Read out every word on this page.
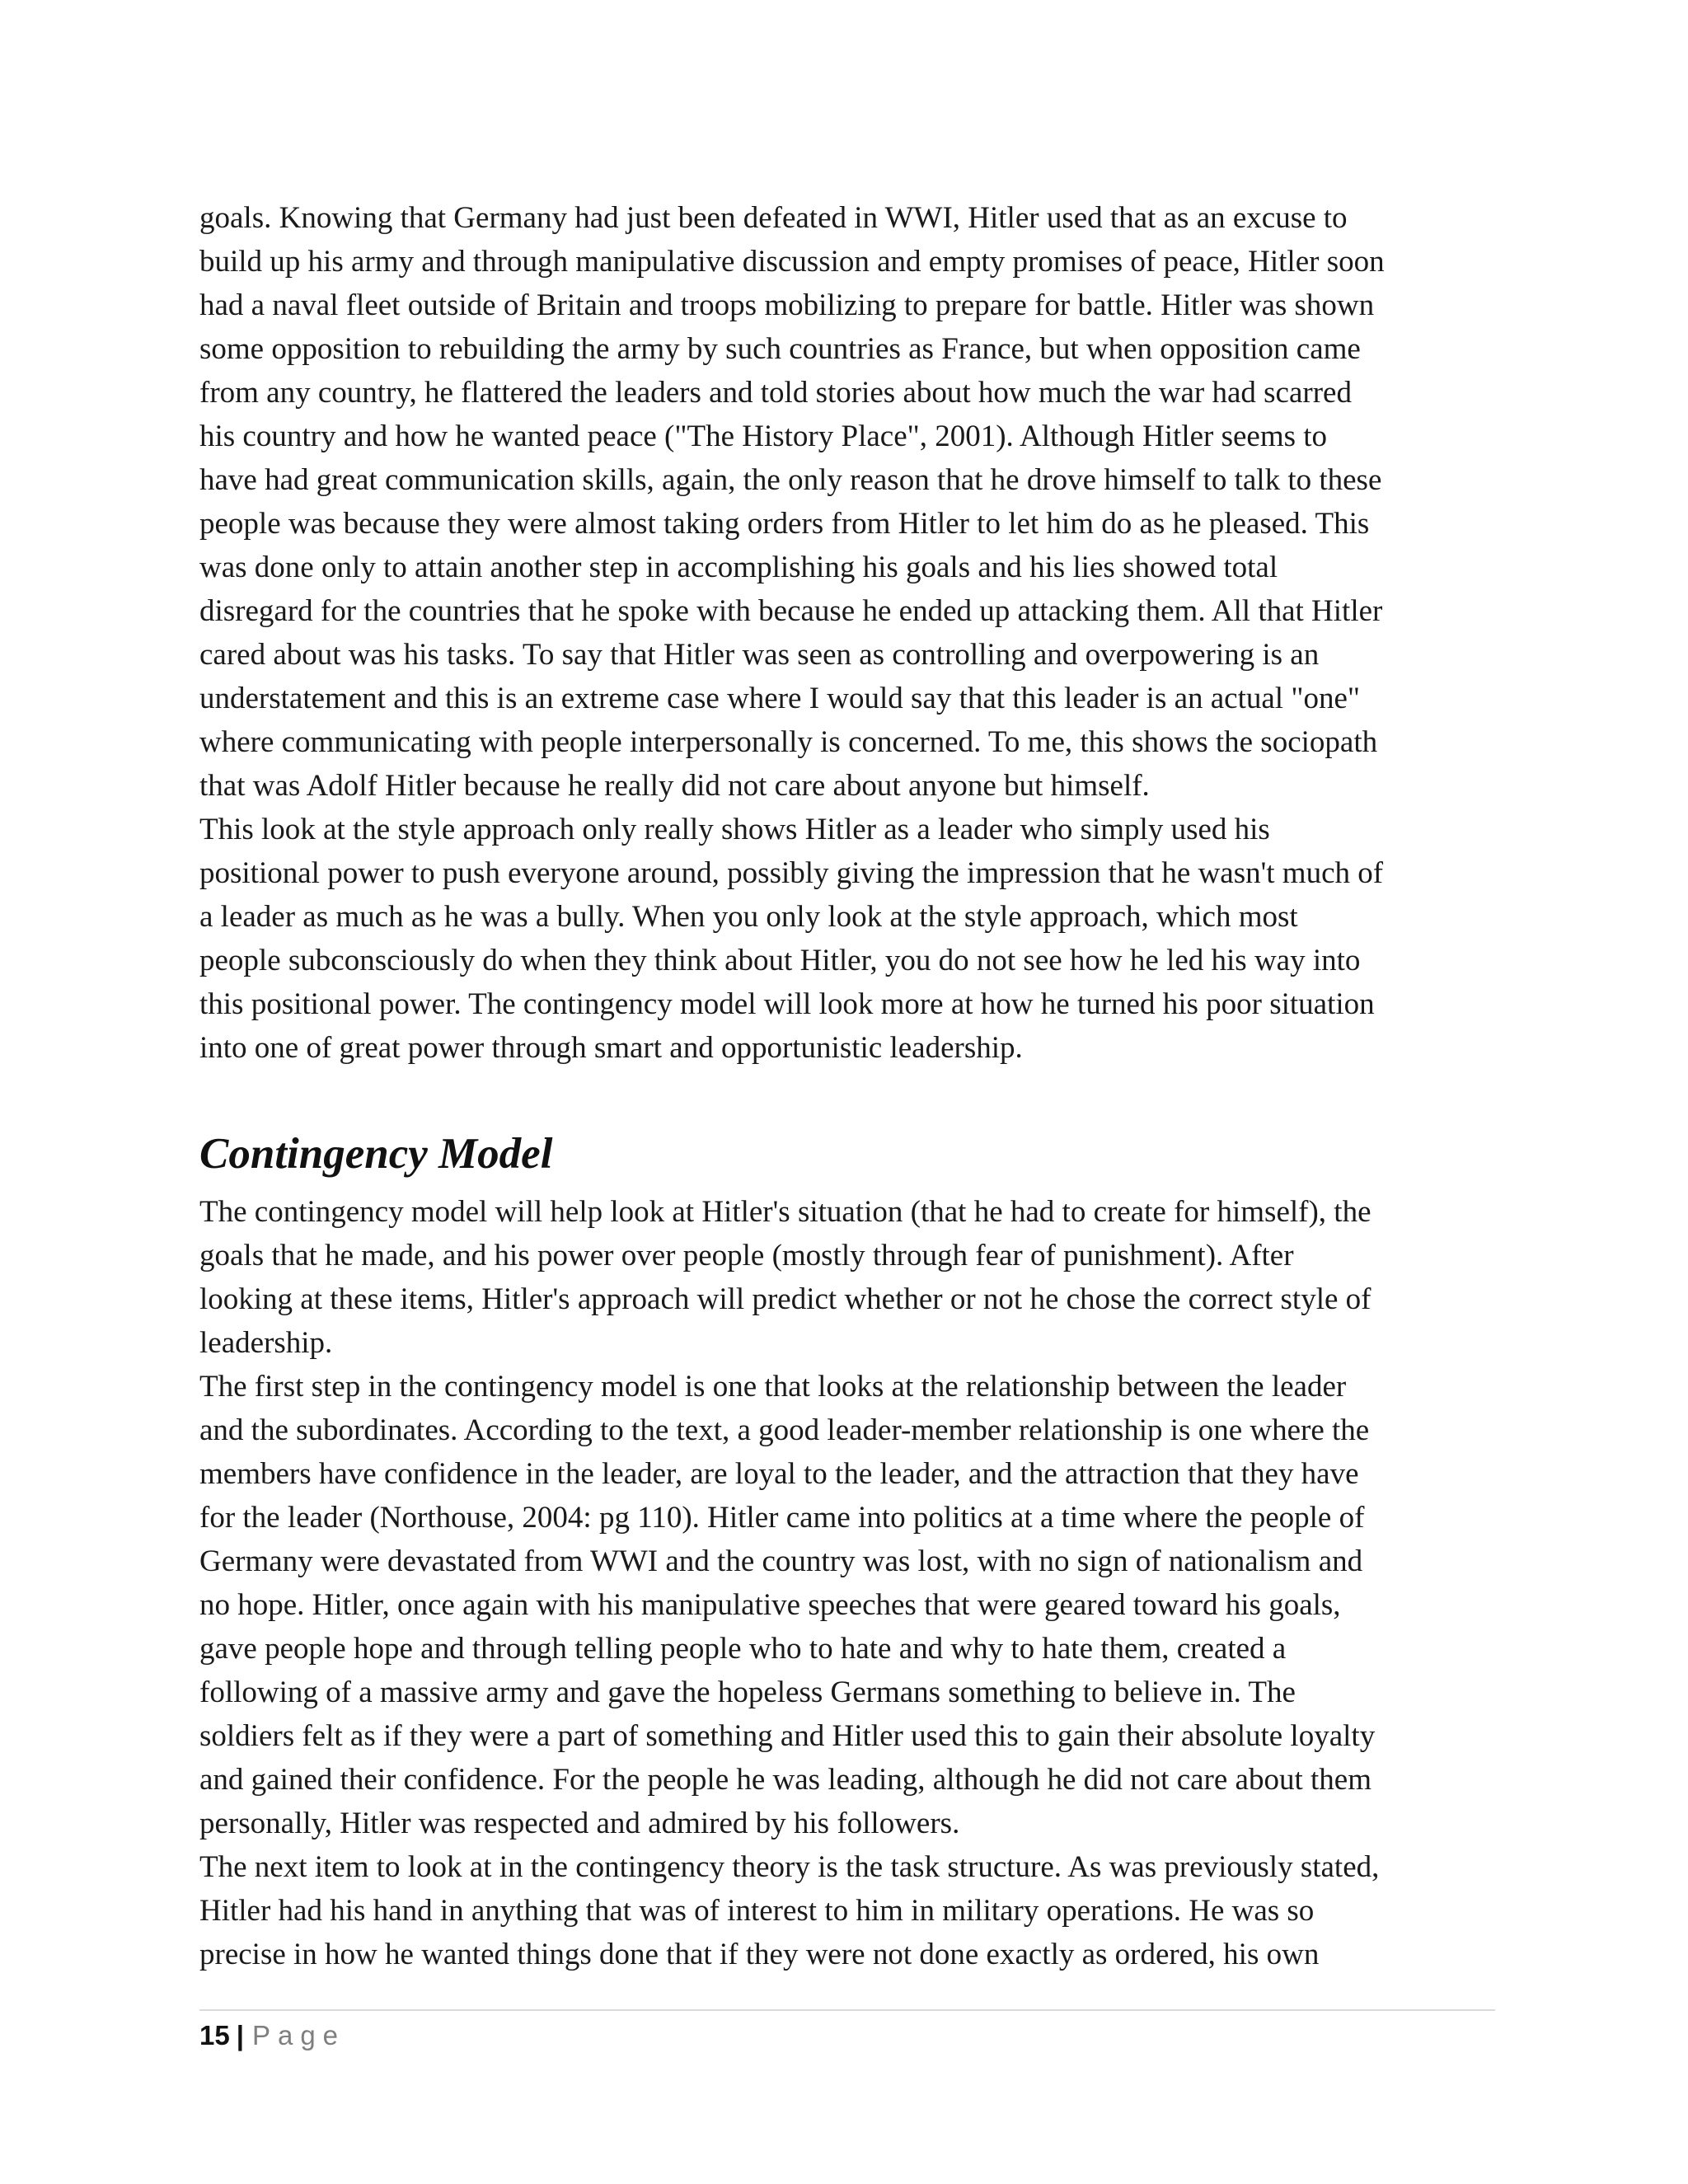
goals. Knowing that Germany had just been defeated in WWI, Hitler used that as an excuse to
build up his army and through manipulative discussion and empty promises of peace, Hitler soon
had a naval fleet outside of Britain and troops mobilizing to prepare for battle. Hitler was shown
some opposition to rebuilding the army by such countries as France, but when opposition came
from any country, he flattered the leaders and told stories about how much the war had scarred
his country and how he wanted peace ("The History Place", 2001). Although Hitler seems to
have had great communication skills, again, the only reason that he drove himself to talk to these
people was because they were almost taking orders from Hitler to let him do as he pleased. This
was done only to attain another step in accomplishing his goals and his lies showed total
disregard for the countries that he spoke with because he ended up attacking them. All that Hitler
cared about was his tasks. To say that Hitler was seen as controlling and overpowering is an
understatement and this is an extreme case where I would say that this leader is an actual "one"
where communicating with people interpersonally is concerned. To me, this shows the sociopath
that was Adolf Hitler because he really did not care about anyone but himself.
This look at the style approach only really shows Hitler as a leader who simply used his
positional power to push everyone around, possibly giving the impression that he wasn't much of
a leader as much as he was a bully. When you only look at the style approach, which most
people subconsciously do when they think about Hitler, you do not see how he led his way into
this positional power. The contingency model will look more at how he turned his poor situation
into one of great power through smart and opportunistic leadership.
Contingency Model
The contingency model will help look at Hitler's situation (that he had to create for himself), the
goals that he made, and his power over people (mostly through fear of punishment). After
looking at these items, Hitler's approach will predict whether or not he chose the correct style of
leadership.
The first step in the contingency model is one that looks at the relationship between the leader
and the subordinates. According to the text, a good leader-member relationship is one where the
members have confidence in the leader, are loyal to the leader, and the attraction that they have
for the leader (Northouse, 2004: pg 110). Hitler came into politics at a time where the people of
Germany were devastated from WWI and the country was lost, with no sign of nationalism and
no hope. Hitler, once again with his manipulative speeches that were geared toward his goals,
gave people hope and through telling people who to hate and why to hate them, created a
following of a massive army and gave the hopeless Germans something to believe in. The
soldiers felt as if they were a part of something and Hitler used this to gain their absolute loyalty
and gained their confidence. For the people he was leading, although he did not care about them
personally, Hitler was respected and admired by his followers.
The next item to look at in the contingency theory is the task structure. As was previously stated,
Hitler had his hand in anything that was of interest to him in military operations. He was so
precise in how he wanted things done that if they were not done exactly as ordered, his own
15 | Page
